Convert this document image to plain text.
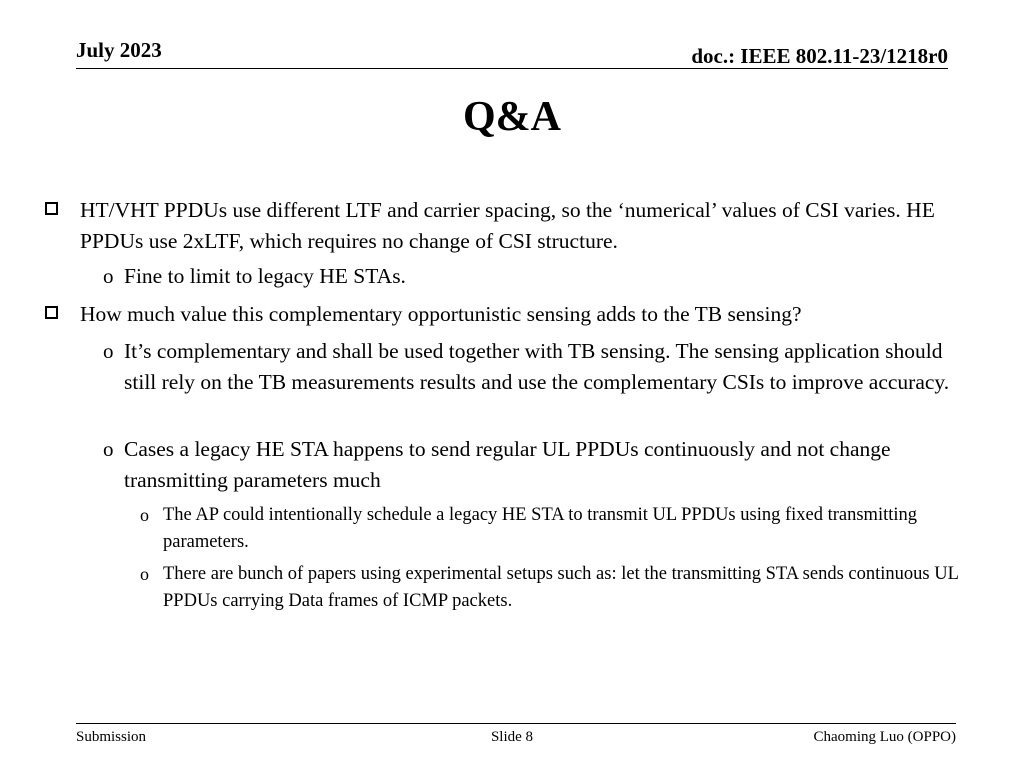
July 2023	doc.: IEEE 802.11-23/1218r0
Q&A
HT/VHT PPDUs use different LTF and carrier spacing, so the ‘numerical’ values of CSI varies. HE PPDUs use 2xLTF, which requires no change of CSI structure.
o Fine to limit to legacy HE STAs.
How much value this complementary opportunistic sensing adds to the TB sensing?
o It’s complementary and shall be used together with TB sensing. The sensing application should still rely on the TB measurements results and use the complementary CSIs to improve accuracy.
o Cases a legacy HE STA happens to send regular UL PPDUs continuously and not change transmitting parameters much
o The AP could intentionally schedule a legacy HE STA to transmit UL PPDUs using fixed transmitting parameters.
o There are bunch of papers using experimental setups such as: let the transmitting STA sends continuous UL PPDUs carrying Data frames of ICMP packets.
Submission	Slide 8	Chaoming Luo (OPPO)
